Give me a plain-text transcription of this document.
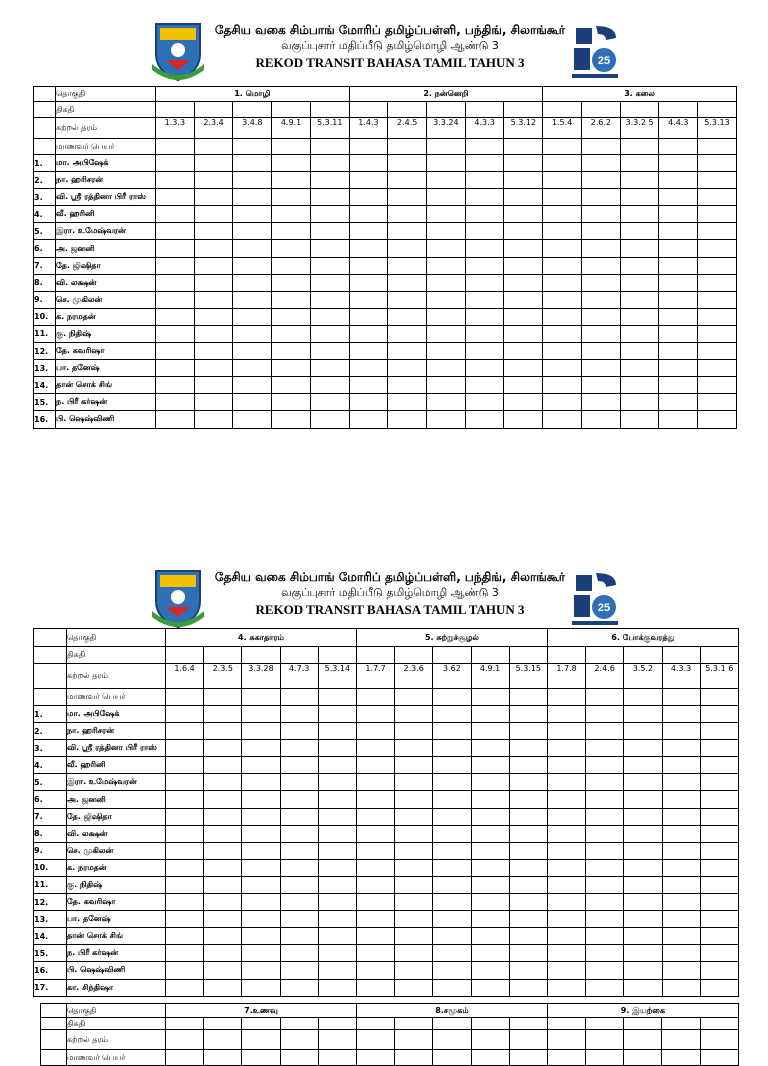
தேசிய வகை சிம்பாங் மோரிப் தமிழ்ப்பள்ளி, பந்திங், சிலாங்கூர்
வகுப்புசார் மதிப்பீடு தமிழ்மொழி ஆண்டு 3
REKOD TRANSIT BAHASA TAMIL TAHUN 3	25
	தொகுதி	1. மொழி					2. நன்னெறி					3. கலை				
	திகதி															
	கற்றல் தரம்	1.3.3	2.3.4	3.4.8	4.9.1	5.3.11	1.4.3	2.4.5	3.3.24	4.3.3	5.3.12	1.5.4	2.6.2	3.3.2 5	4.4.3	5.3.13
	மாணவர் பெயர்															
1.	மா. அபிஷேக்															
2.	நா. ஹரிசரன்															
3.	வி. ஸ்ரீ ரத்தினா பிரீ ராஸ்															
4.	வீ. ஹரினி															
5.	இரா. உமேஷ்வரன்															
6.	அ. ஜனனி															
7.	தே. ஜிஷிதா															
8.	வி. லக்ஷன்															
9.	செ. முகிலன்															
10.	க. நரமதன்															
11.	கு. நிதிஷ்															
12.	தே. கவரிஷா															
13.	பா. தனேஷ்															
14.	தான் சொக் சிங்															
15.	ந. பிரீ கர்ஷன்															
16.	பி. ஷெஷ்விணி															
தேசிய வகை சிம்பாங் மோரிப் தமிழ்ப்பள்ளி, பந்திங், சிலாங்கூர்
வகுப்புசார் மதிப்பீடு தமிழ்மொழி ஆண்டு 3
REKOD TRANSIT BAHASA TAMIL TAHUN 3	25
	தொகுதி	4. சுகாதாரம்					5. சுற்றுச்சூழல்					6. போக்குவரத்து				
	திகதி															
	கற்றல் தரம்	1.6.4	2.3.5	3.3.28	4.7.3	5.3.14	1.7.7	2.3.6	3.62	4.9.1	5.3.15	1.7.8	2.4.6	3.5.2	4.3.3	5.3.1 6
	மாணவர் பெயர்															
1.	மா. அபிஷேக்															
2.	நா. ஹரிசரன்															
3.	வி. ஸ்ரீ ரத்தினா பிரீ ராஸ்															
4.	வீ. ஹரினி															
5.	இரா. உமேஷ்வரன்															
6.	அ. ஜனனி															
7.	தே. ஜிஷிதா															
8.	வி. லக்ஷன்															
9.	செ. முகிலன்															
10.	க. நரமதன்															
11.	கு. நிதிஷ்															
12.	தே. கவரிஷா															
13.	பா. தனேஷ்															
14.	தான் சொக் சிங்															
15.	ந. பிரீ கர்ஷன்															
16.	பி. ஷெஷ்விணி															
17.	கா. சிந்திஷா															
	தொகுதி	7.உணவு					8.சமூகம்					9. இயற்கை				
	திகதி															
	கற்றல் தரம்															
	மாணவர் பெயர்															
